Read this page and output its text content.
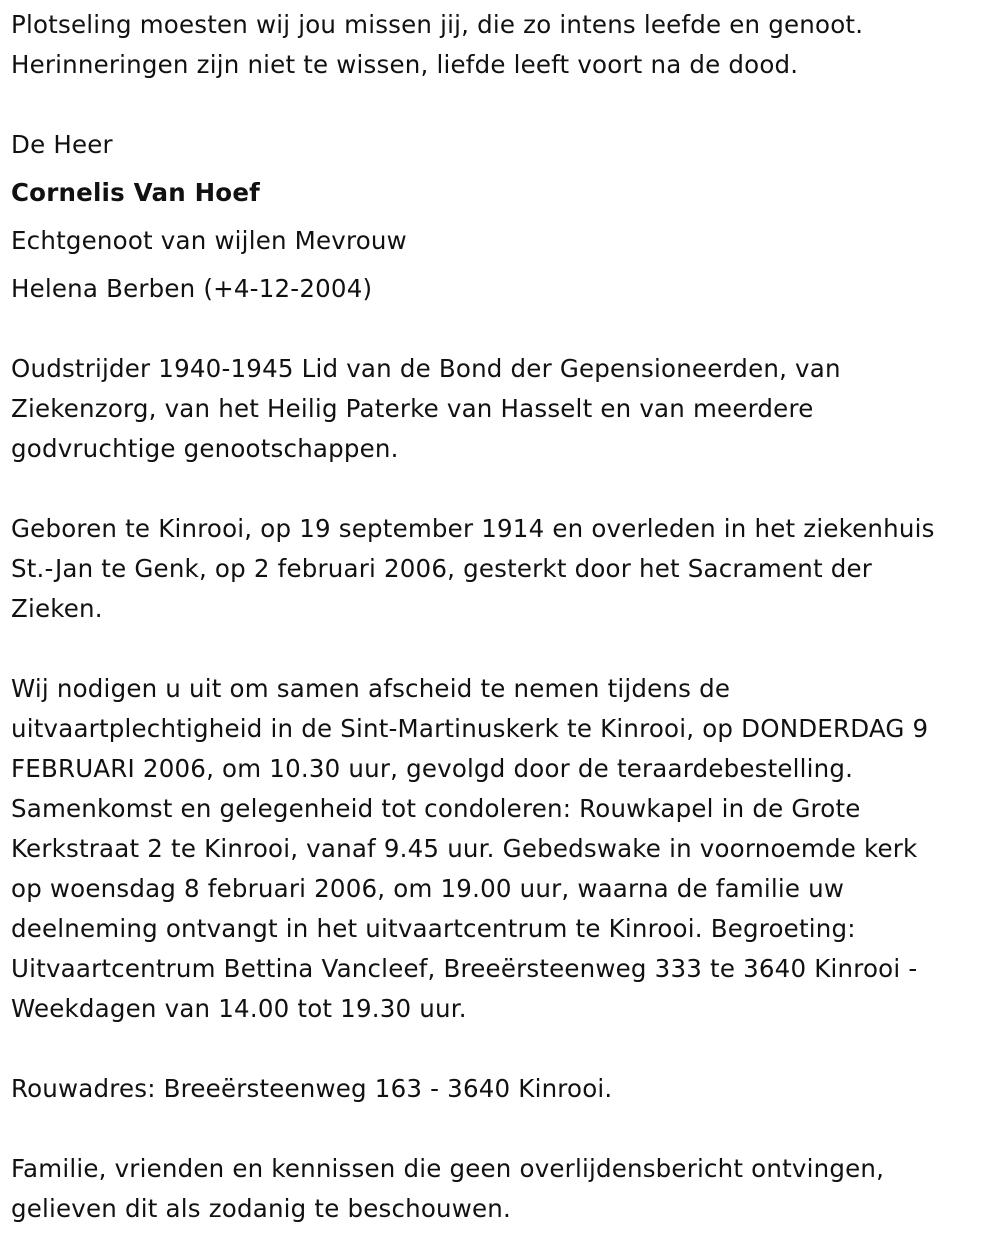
Plotseling moesten wij jou missen jij, die zo intens leefde en genoot.
Herinneringen zijn niet te wissen, liefde leeft voort na de dood.
De Heer
Cornelis Van Hoef
Echtgenoot van wijlen Mevrouw
Helena Berben (+4-12-2004)
Oudstrijder 1940-1945 Lid van de Bond der Gepensioneerden, van
Ziekenzorg, van het Heilig Paterke van Hasselt en van meerdere
godvruchtige genootschappen.
Geboren te Kinrooi, op 19 september 1914 en overleden in het ziekenhuis
St.-Jan te Genk, op 2 februari 2006, gesterkt door het Sacrament der
Zieken.
Wij nodigen u uit om samen afscheid te nemen tijdens de
uitvaartplechtigheid in de Sint-Martinuskerk te Kinrooi, op DONDERDAG 9
FEBRUARI 2006, om 10.30 uur, gevolgd door de teraardebestelling.
Samenkomst en gelegenheid tot condoleren: Rouwkapel in de Grote
Kerkstraat 2 te Kinrooi, vanaf 9.45 uur. Gebedswake in voornoemde kerk
op woensdag 8 februari 2006, om 19.00 uur, waarna de familie uw
deelneming ontvangt in het uitvaartcentrum te Kinrooi. Begroeting:
Uitvaartcentrum Bettina Vancleef, Breeërsteenweg 333 te 3640 Kinrooi -
Weekdagen van 14.00 tot 19.30 uur.
Rouwadres: Breeërsteenweg 163 - 3640 Kinrooi.
Familie, vrienden en kennissen die geen overlijdensbericht ontvingen,
gelieven dit als zodanig te beschouwen.
